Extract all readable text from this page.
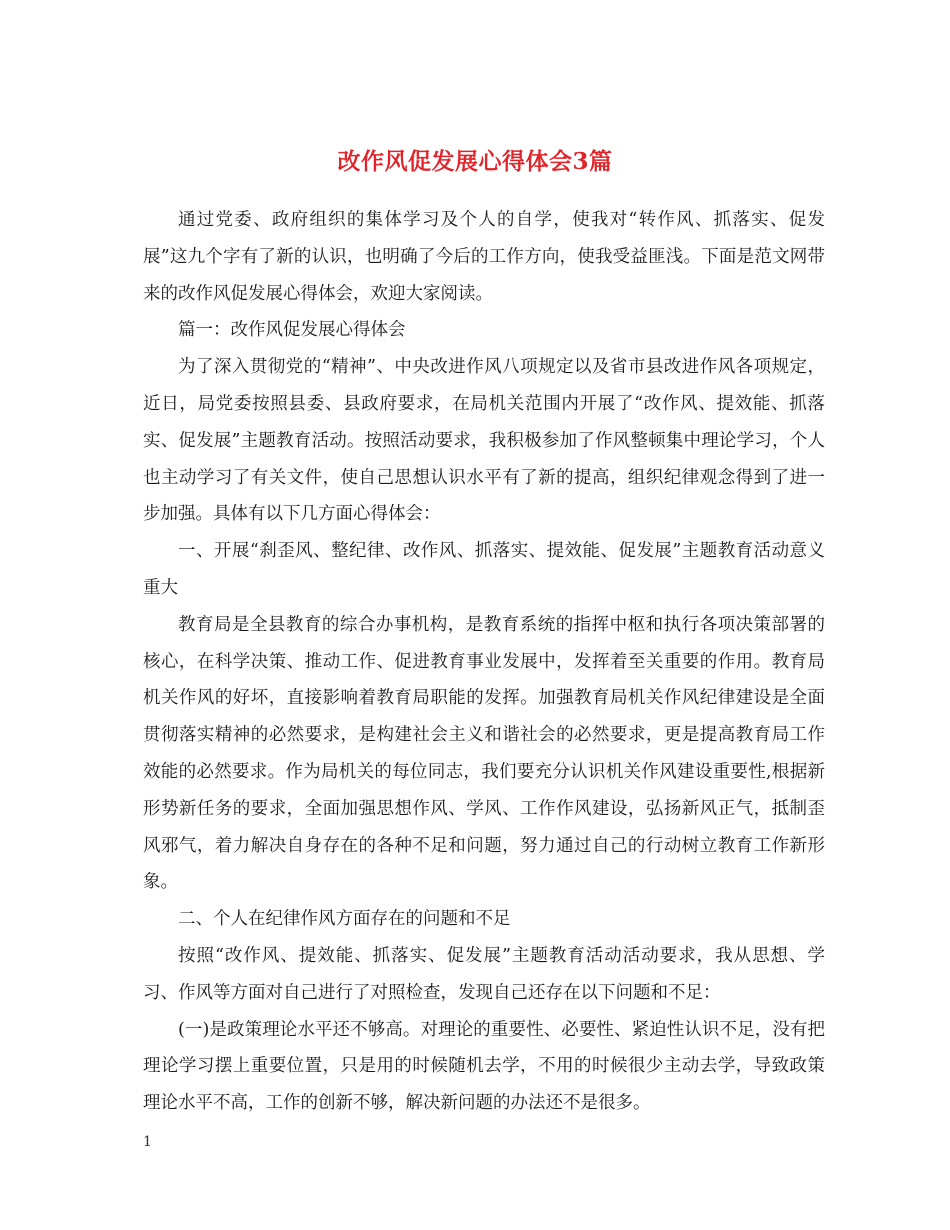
改作风促发展心得体会3篇

通过党委、政府组织的集体学习及个人的自学，使我对“转作风、抓落实、促发展”这九个字有了新的认识，也明确了今后的工作方向，使我受益匪浅。下面是范文网带来的改作风促发展心得体会，欢迎大家阅读。

篇一：改作风促发展心得体会

为了深入贯彻党的“精神”、中央改进作风八项规定以及省市县改进作风各项规定，近日，局党委按照县委、县政府要求，在局机关范围内开展了“改作风、提效能、抓落实、促发展”主题教育活动。按照活动要求，我积极参加了作风整顿集中理论学习，个人也主动学习了有关文件，使自己思想认识水平有了新的提高，组织纪律观念得到了进一步加强。具体有以下几方面心得体会：

一、开展“刹歪风、整纪律、改作风、抓落实、提效能、促发展”主题教育活动意义重大

教育局是全县教育的综合办事机构，是教育系统的指挥中枢和执行各项决策部署的核心，在科学决策、推动工作、促进教育事业发展中，发挥着至关重要的作用。教育局机关作风的好坏，直接影响着教育局职能的发挥。加强教育局机关作风纪律建设是全面贯彻落实精神的必然要求，是构建社会主义和谐社会的必然要求，更是提高教育局工作效能的必然要求。作为局机关的每位同志，我们要充分认识机关作风建设重要性,根据新形势新任务的要求，全面加强思想作风、学风、工作作风建设，弘扬新风正气，抵制歪风邪气，着力解决自身存在的各种不足和问题，努力通过自己的行动树立教育工作新形象。

二、个人在纪律作风方面存在的问题和不足

按照“改作风、提效能、抓落实、促发展”主题教育活动活动要求，我从思想、学习、作风等方面对自己进行了对照检查，发现自己还存在以下问题和不足：

(一)是政策理论水平还不够高。对理论的重要性、必要性、紧迫性认识不足，没有把理论学习摆上重要位置，只是用的时候随机去学，不用的时候很少主动去学，导致政策理论水平不高，工作的创新不够，解决新问题的办法还不是很多。

1
